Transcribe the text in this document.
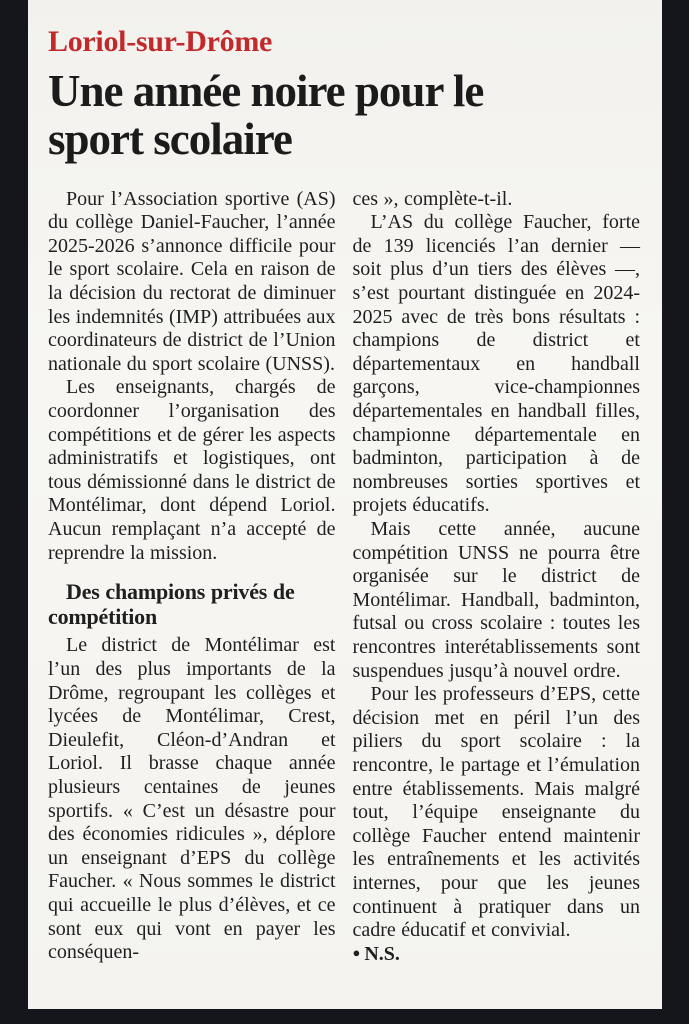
Loriol-sur-Drôme
Une année noire pour le sport scolaire

Pour l’Association sportive (AS) du collège Daniel-Faucher, l’année 2025-2026 s’annonce difficile pour le sport scolaire. Cela en raison de la décision du rectorat de diminuer les indemnités (IMP) attribuées aux coordinateurs de district de l’Union nationale du sport scolaire (UNSS).

Les enseignants, chargés de coordonner l’organisation des compétitions et de gérer les aspects administratifs et logistiques, ont tous démissionné dans le district de Montélimar, dont dépend Loriol. Aucun remplaçant n’a accepté de reprendre la mission.

Des champions privés de compétition

Le district de Montélimar est l’un des plus importants de la Drôme, regroupant les collèges et lycées de Montélimar, Crest, Dieulefit, Cléon-d’Andran et Loriol. Il brasse chaque année plusieurs centaines de jeunes sportifs. « C’est un désastre pour des économies ridicules », déplore un enseignant d’EPS du collège Faucher. « Nous sommes le district qui accueille le plus d’élèves, et ce sont eux qui vont en payer les conséquen-

ces », complète-t-il.

L’AS du collège Faucher, forte de 139 licenciés l’an dernier — soit plus d’un tiers des élèves —, s’est pourtant distinguée en 2024-2025 avec de très bons résultats : champions de district et départementaux en handball garçons, vice-championnes départementales en handball filles, championne départementale en badminton, participation à de nombreuses sorties sportives et projets éducatifs.

Mais cette année, aucune compétition UNSS ne pourra être organisée sur le district de Montélimar. Handball, badminton, futsal ou cross scolaire : toutes les rencontres interétablissements sont suspendues jusqu’à nouvel ordre.

Pour les professeurs d’EPS, cette décision met en péril l’un des piliers du sport scolaire : la rencontre, le partage et l’émulation entre établissements. Mais malgré tout, l’équipe enseignante du collège Faucher entend maintenir les entraînements et les activités internes, pour que les jeunes continuent à pratiquer dans un cadre éducatif et convivial.

● N.S.
